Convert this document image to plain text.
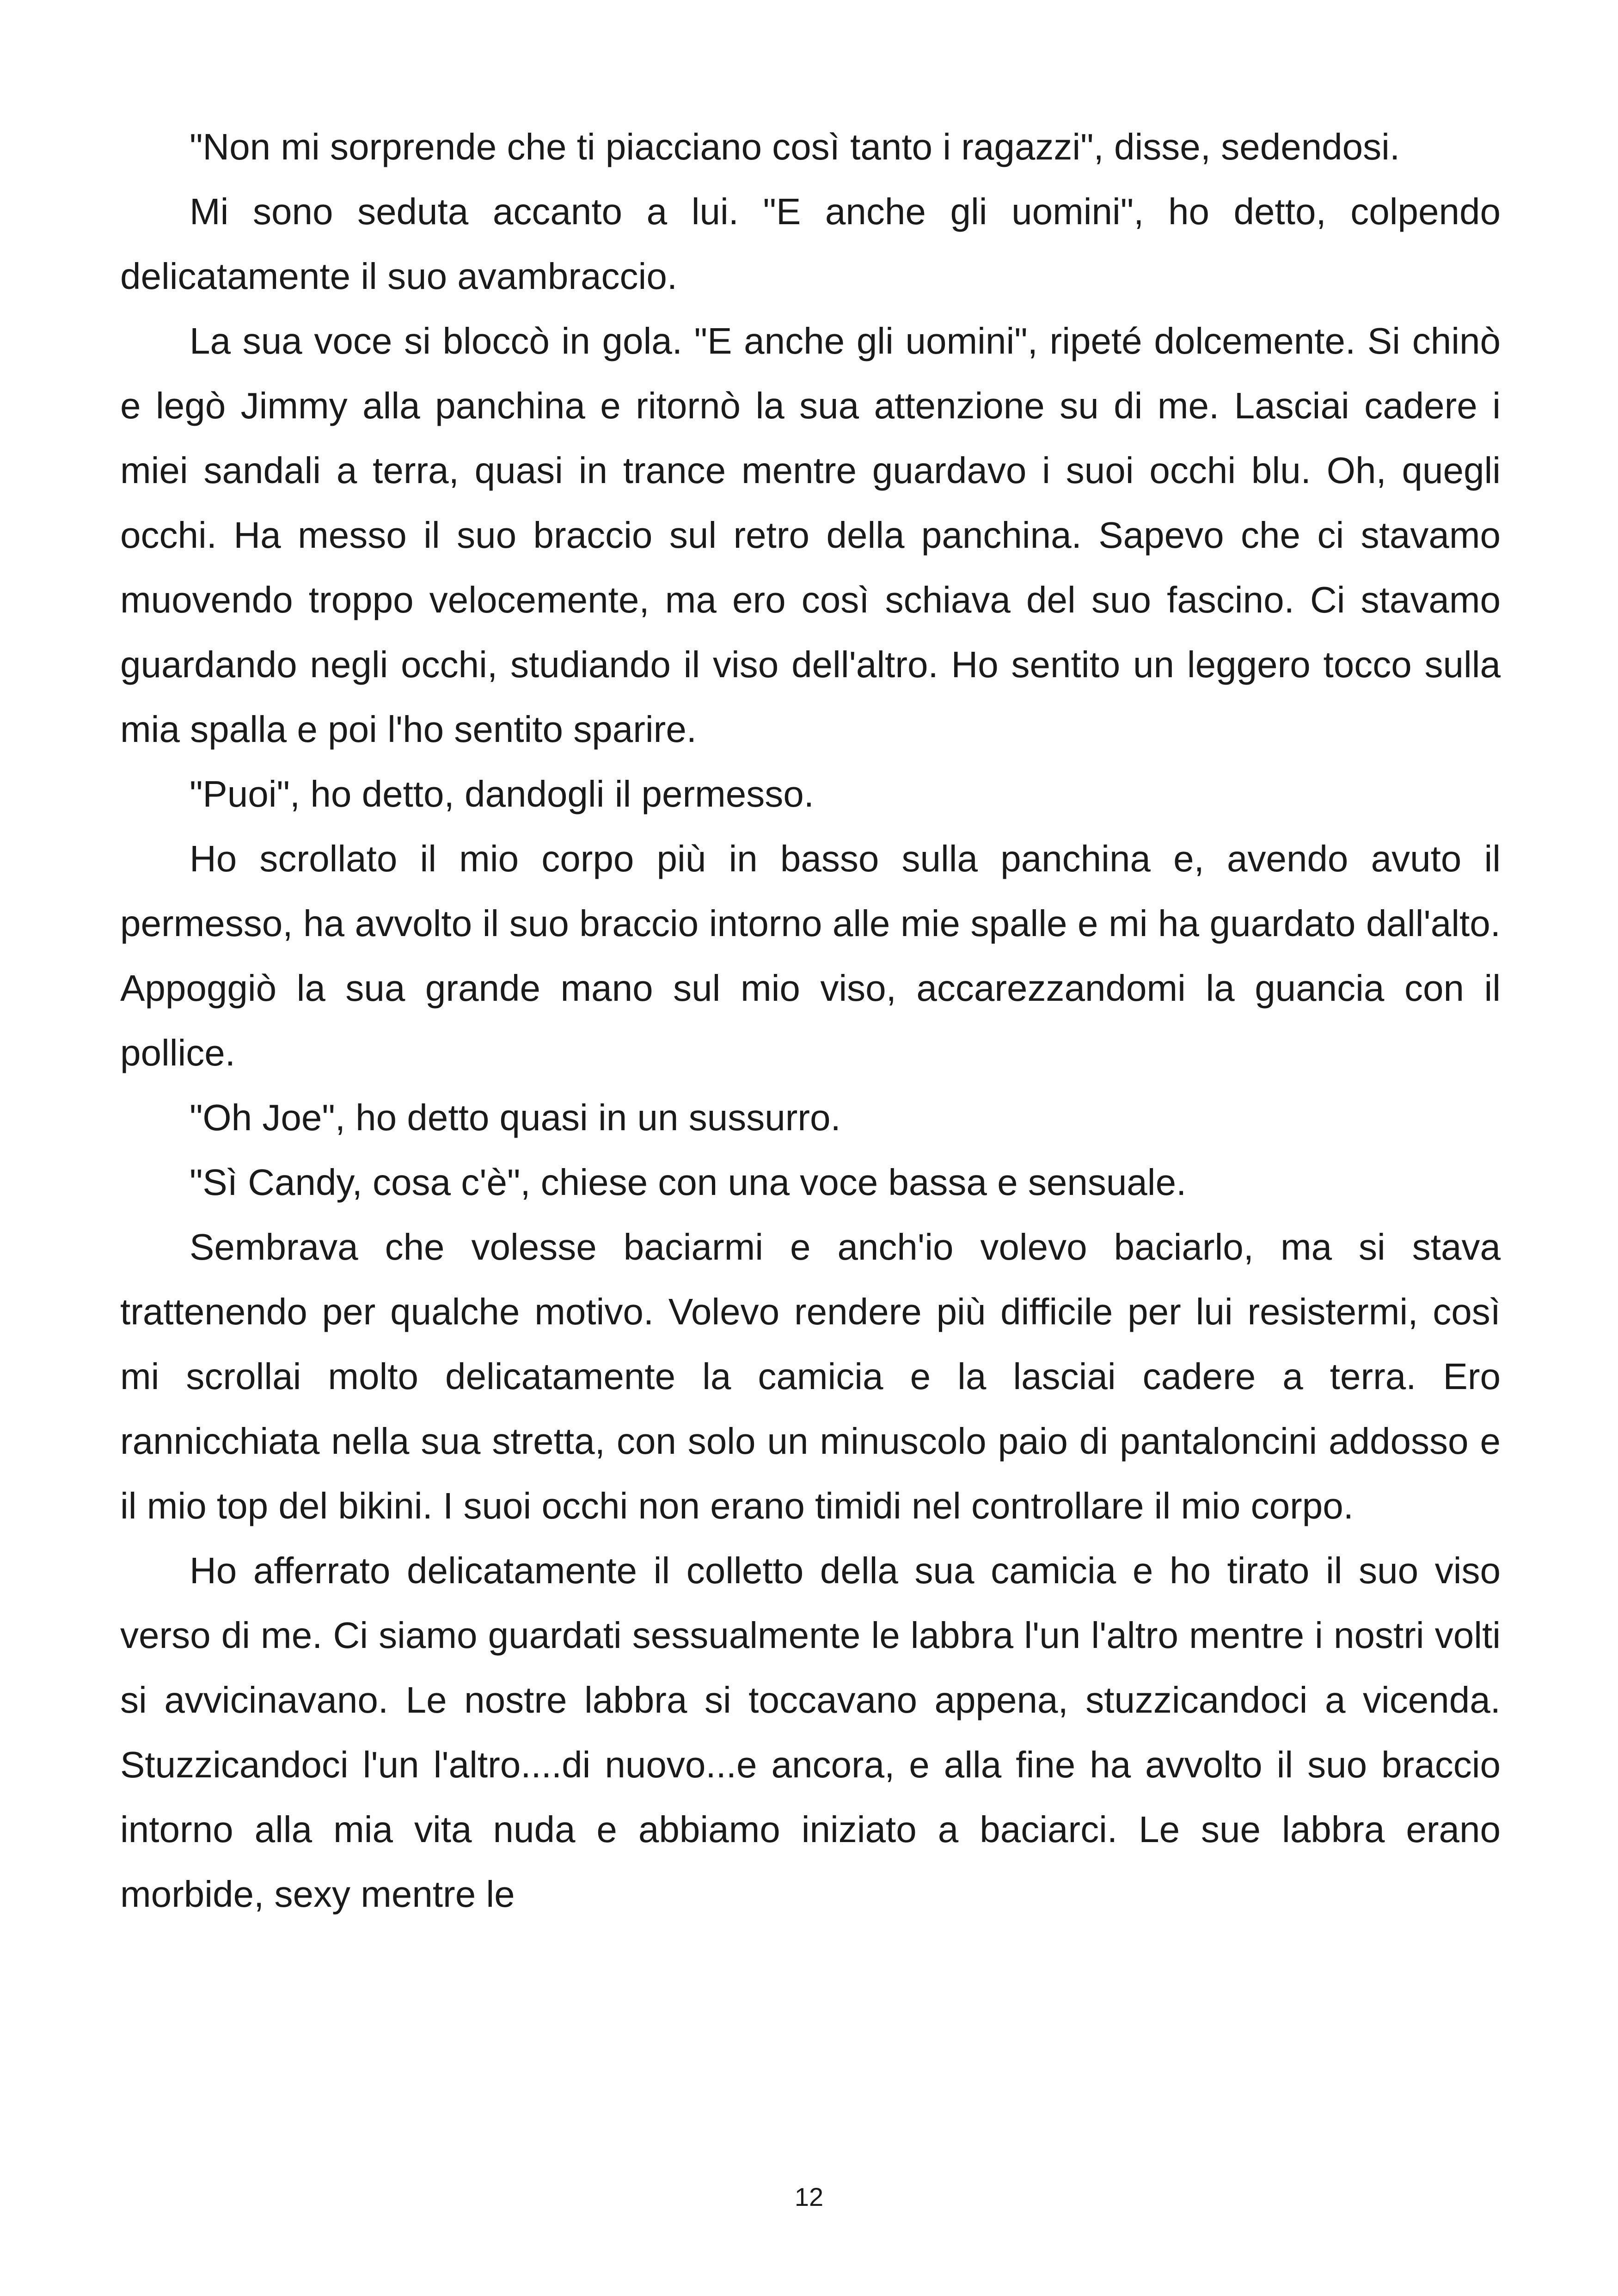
"Non mi sorprende che ti piacciano così tanto i ragazzi", disse, sedendosi.

Mi sono seduta accanto a lui. "E anche gli uomini", ho detto, colpendo delicatamente il suo avambraccio.

La sua voce si bloccò in gola. "E anche gli uomini", ripeté dolcemente. Si chinò e legò Jimmy alla panchina e ritornò la sua attenzione su di me. Lasciai cadere i miei sandali a terra, quasi in trance mentre guardavo i suoi occhi blu. Oh, quegli occhi. Ha messo il suo braccio sul retro della panchina. Sapevo che ci stavamo muovendo troppo velocemente, ma ero così schiava del suo fascino. Ci stavamo guardando negli occhi, studiando il viso dell'altro. Ho sentito un leggero tocco sulla mia spalla e poi l'ho sentito sparire.

"Puoi", ho detto, dandogli il permesso.

Ho scrollato il mio corpo più in basso sulla panchina e, avendo avuto il permesso, ha avvolto il suo braccio intorno alle mie spalle e mi ha guardato dall'alto. Appoggiò la sua grande mano sul mio viso, accarezzandomi la guancia con il pollice.

"Oh Joe", ho detto quasi in un sussurro.

"Sì Candy, cosa c'è", chiese con una voce bassa e sensuale.

Sembrava che volesse baciarmi e anch'io volevo baciarlo, ma si stava trattenendo per qualche motivo. Volevo rendere più difficile per lui resistermi, così mi scrollai molto delicatamente la camicia e la lasciai cadere a terra. Ero rannicchiata nella sua stretta, con solo un minuscolo paio di pantaloncini addosso e il mio top del bikini. I suoi occhi non erano timidi nel controllare il mio corpo.

Ho afferrato delicatamente il colletto della sua camicia e ho tirato il suo viso verso di me. Ci siamo guardati sessualmente le labbra l'un l'altro mentre i nostri volti si avvicinavano. Le nostre labbra si toccavano appena, stuzzicandoci a vicenda. Stuzzicandoci l'un l'altro....di nuovo...e ancora, e alla fine ha avvolto il suo braccio intorno alla mia vita nuda e abbiamo iniziato a baciarci. Le sue labbra erano morbide, sexy mentre le

12
